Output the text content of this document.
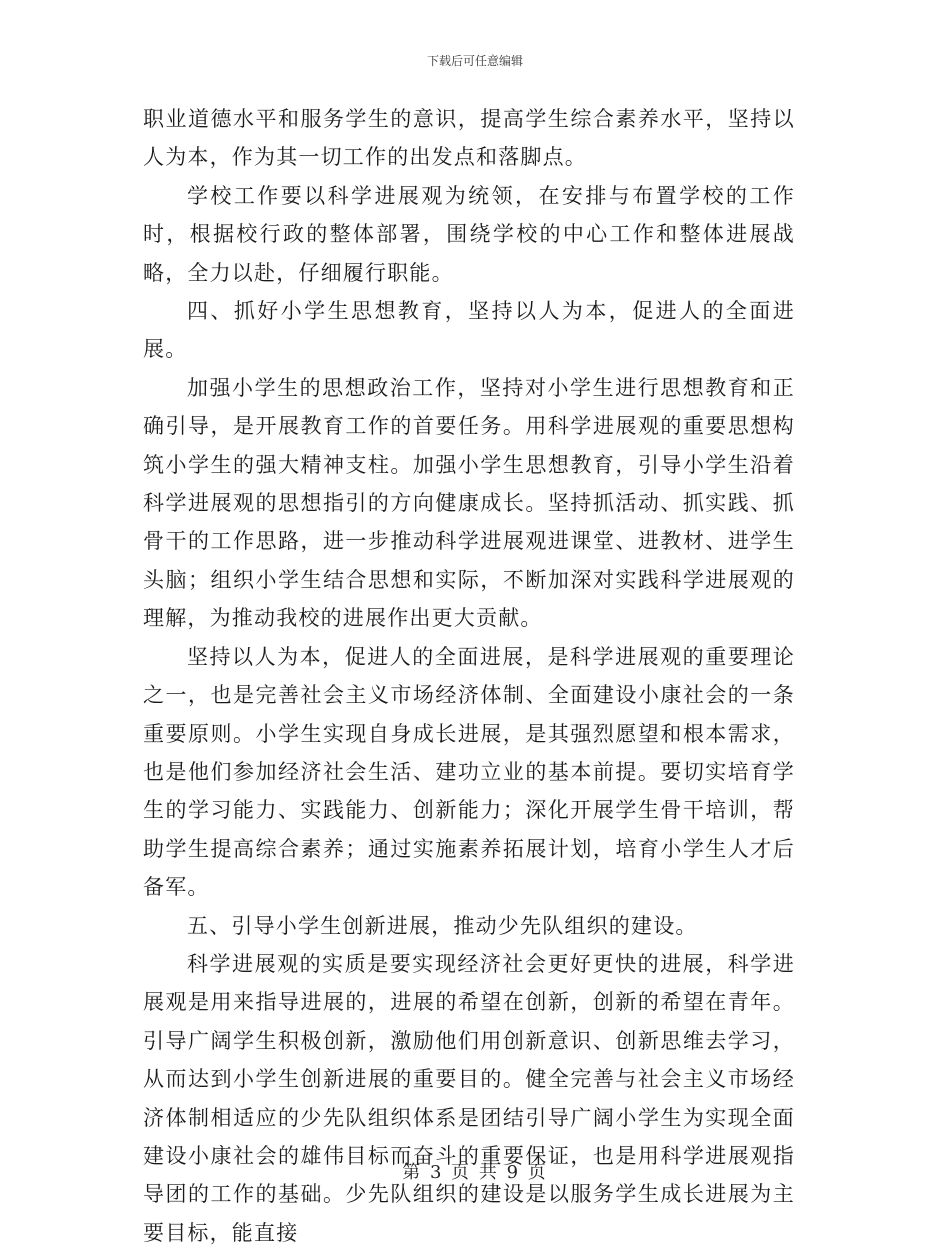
下载后可任意编辑

职业道德水平和服务学生的意识，提高学生综合素养水平，坚持以人为本，作为其一切工作的出发点和落脚点。

学校工作要以科学进展观为统领，在安排与布置学校的工作时，根据校行政的整体部署，围绕学校的中心工作和整体进展战略，全力以赴，仔细履行职能。

四、抓好小学生思想教育，坚持以人为本，促进人的全面进展。

加强小学生的思想政治工作，坚持对小学生进行思想教育和正确引导，是开展教育工作的首要任务。用科学进展观的重要思想构筑小学生的强大精神支柱。加强小学生思想教育，引导小学生沿着科学进展观的思想指引的方向健康成长。坚持抓活动、抓实践、抓骨干的工作思路，进一步推动科学进展观进课堂、进教材、进学生头脑；组织小学生结合思想和实际，不断加深对实践科学进展观的理解，为推动我校的进展作出更大贡献。

坚持以人为本，促进人的全面进展，是科学进展观的重要理论之一，也是完善社会主义市场经济体制、全面建设小康社会的一条重要原则。小学生实现自身成长进展，是其强烈愿望和根本需求，也是他们参加经济社会生活、建功立业的基本前提。要切实培育学生的学习能力、实践能力、创新能力；深化开展学生骨干培训，帮助学生提高综合素养；通过实施素养拓展计划，培育小学生人才后备军。

五、引导小学生创新进展，推动少先队组织的建设。

科学进展观的实质是要实现经济社会更好更快的进展，科学进展观是用来指导进展的，进展的希望在创新，创新的希望在青年。引导广阔学生积极创新，激励他们用创新意识、创新思维去学习，从而达到小学生创新进展的重要目的。健全完善与社会主义市场经济体制相适应的少先队组织体系是团结引导广阔小学生为实现全面建设小康社会的雄伟目标而奋斗的重要保证，也是用科学进展观指导团的工作的基础。少先队组织的建设是以服务学生成长进展为主要目标，能直接

第 3 页 共 9 页
